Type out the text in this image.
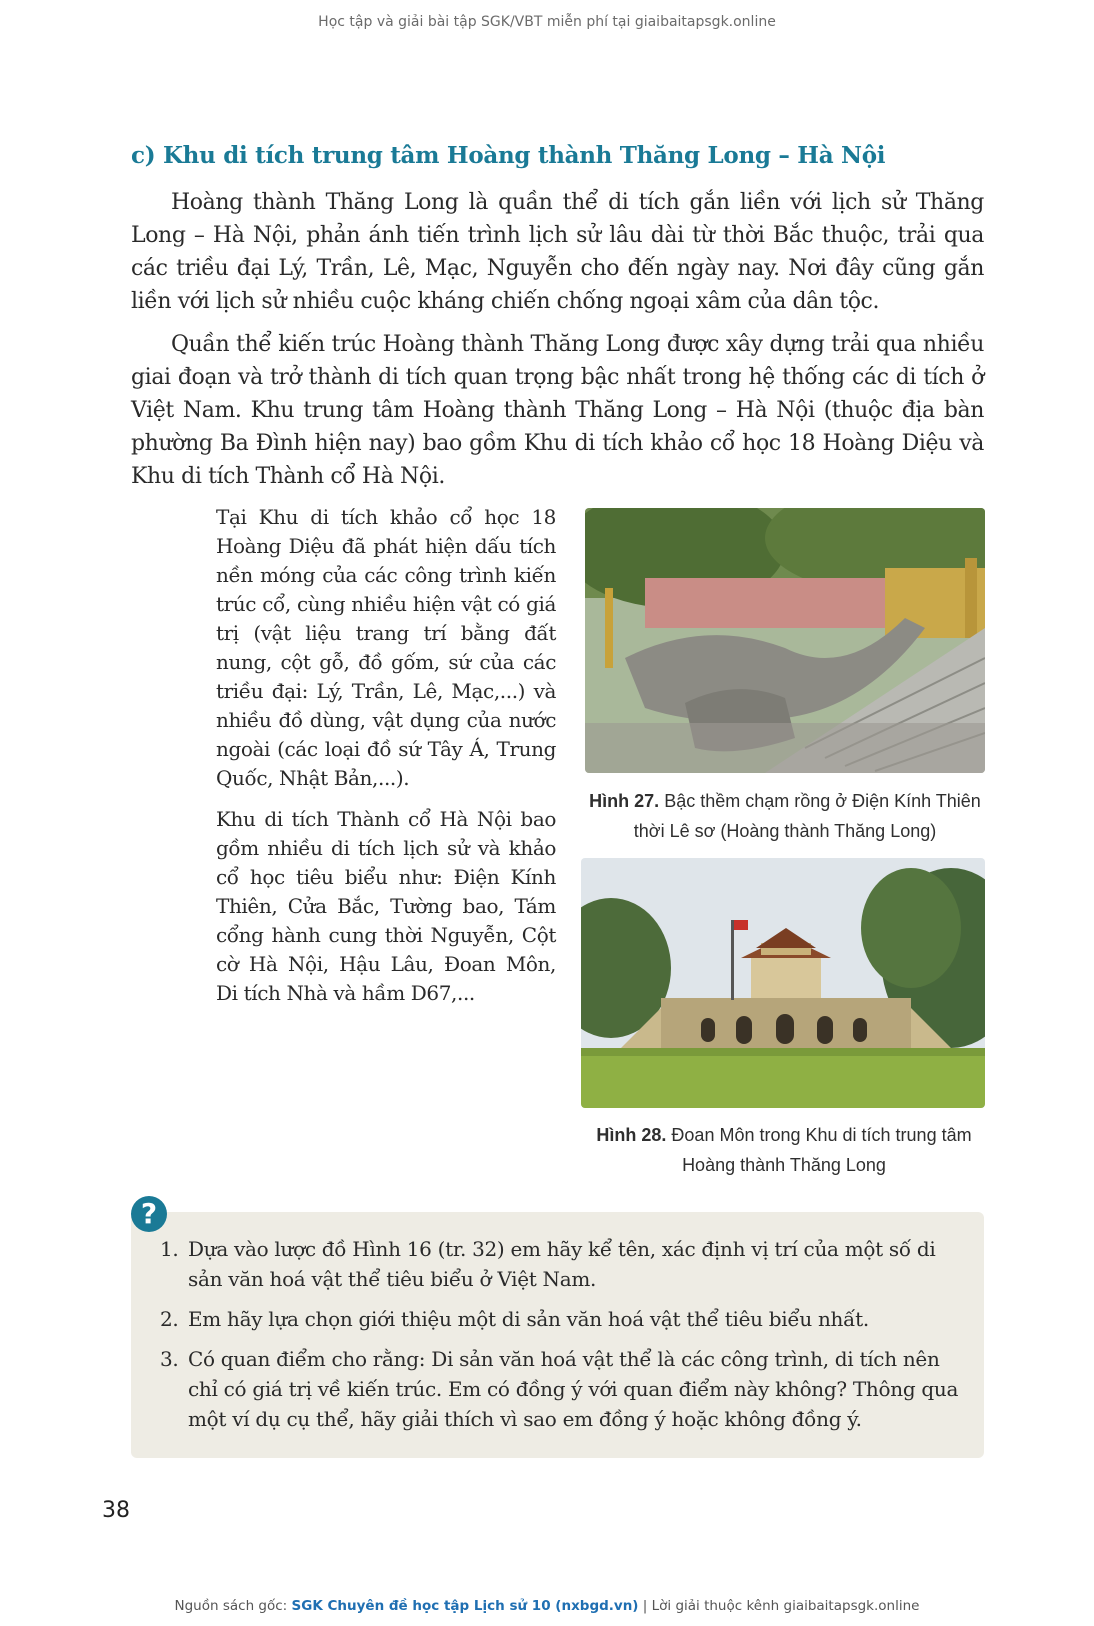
Học tập và giải bài tập SGK/VBT miễn phí tại giaibaitapsgk.online
c) Khu di tích trung tâm Hoàng thành Thăng Long – Hà Nội

Hoàng thành Thăng Long là quần thể di tích gắn liền với lịch sử Thăng Long – Hà Nội, phản ánh tiến trình lịch sử lâu dài từ thời Bắc thuộc, trải qua các triều đại Lý, Trần, Lê, Mạc, Nguyễn cho đến ngày nay. Nơi đây cũng gắn liền với lịch sử nhiều cuộc kháng chiến chống ngoại xâm của dân tộc.

Quần thể kiến trúc Hoàng thành Thăng Long được xây dựng trải qua nhiều giai đoạn và trở thành di tích quan trọng bậc nhất trong hệ thống các di tích ở Việt Nam. Khu trung tâm Hoàng thành Thăng Long – Hà Nội (thuộc địa bàn phường Ba Đình hiện nay) bao gồm Khu di tích khảo cổ học 18 Hoàng Diệu và Khu di tích Thành cổ Hà Nội.

Tại Khu di tích khảo cổ học 18 Hoàng Diệu đã phát hiện dấu tích nền móng của các công trình kiến trúc cổ, cùng nhiều hiện vật có giá trị (vật liệu trang trí bằng đất nung, cột gỗ, đồ gốm, sứ của các triều đại: Lý, Trần, Lê, Mạc,...) và nhiều đồ dùng, vật dụng của nước ngoài (các loại đồ sứ Tây Á, Trung Quốc, Nhật Bản,...).

Khu di tích Thành cổ Hà Nội bao gồm nhiều di tích lịch sử và khảo cổ học tiêu biểu như: Điện Kính Thiên, Cửa Bắc, Tường bao, Tám cổng hành cung thời Nguyễn, Cột cờ Hà Nội, Hậu Lâu, Đoan Môn, Di tích Nhà và hầm D67,...

Hình 27. Bậc thềm chạm rồng ở Điện Kính Thiên
thời Lê sơ (Hoàng thành Thăng Long)

Hình 28. Đoan Môn trong Khu di tích trung tâm
Hoàng thành Thăng Long

?
1. Dựa vào lược đồ Hình 16 (tr. 32) em hãy kể tên, xác định vị trí của một số di sản văn hoá vật thể tiêu biểu ở Việt Nam.
2. Em hãy lựa chọn giới thiệu một di sản văn hoá vật thể tiêu biểu nhất.
3. Có quan điểm cho rằng: Di sản văn hoá vật thể là các công trình, di tích nên chỉ có giá trị về kiến trúc. Em có đồng ý với quan điểm này không? Thông qua một ví dụ cụ thể, hãy giải thích vì sao em đồng ý hoặc không đồng ý.
38
Nguồn sách gốc: SGK Chuyên đề học tập Lịch sử 10 (nxbgd.vn) | Lời giải thuộc kênh giaibaitapsgk.online
